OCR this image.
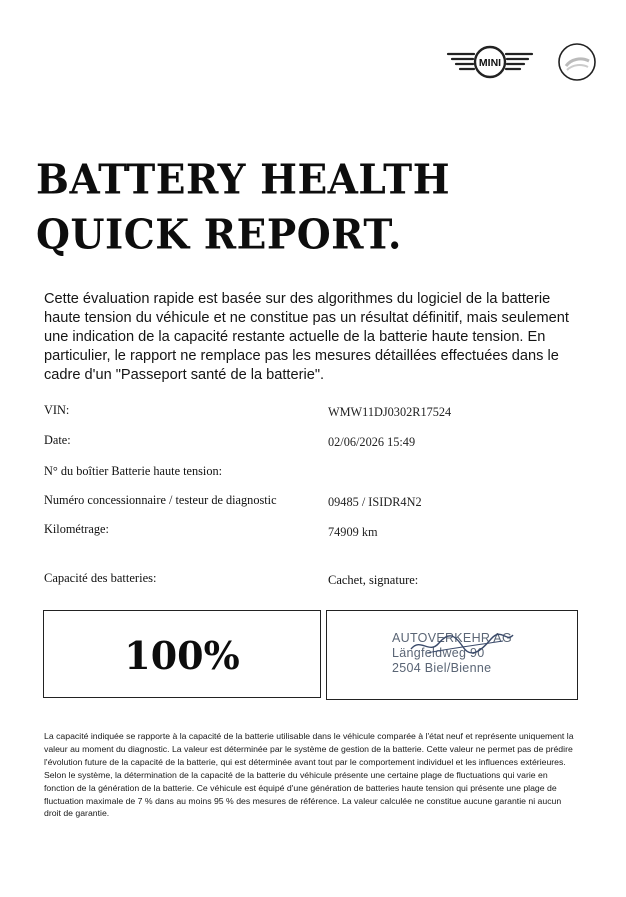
MINI
BATTERY HEALTH
QUICK REPORT.
Cette évaluation rapide est basée sur des algorithmes du logiciel de la batterie haute tension du véhicule et ne constitue pas un résultat définitif, mais seulement une indication de la capacité restante actuelle de la batterie haute tension. En particulier, le rapport ne remplace pas les mesures détaillées effectuées dans le cadre d'un "Passeport santé de la batterie".
VIN:	WMW11DJ0302R17524
Date:	02/06/2026 15:49
N° du boîtier Batterie haute tension:
Numéro concessionnaire / testeur de diagnostic	09485 / ISIDR4N2
Kilométrage:	74909 km
Capacité des batteries:	Cachet, signature:
100%	AUTOVERKEHR AG
Längfeldweg 90
2504 Biel/Bienne
La capacité indiquée se rapporte à la capacité de la batterie utilisable dans le véhicule comparée à l'état neuf et représente uniquement la valeur au moment du diagnostic. La valeur est déterminée par le système de gestion de la batterie. Cette valeur ne permet pas de prédire l'évolution future de la capacité de la batterie, qui est déterminée avant tout par le comportement individuel et les influences extérieures. Selon le système, la détermination de la capacité de la batterie du véhicule présente une certaine plage de fluctuations qui varie en fonction de la génération de la batterie. Ce véhicule est équipé d'une génération de batteries haute tension qui présente une plage de fluctuation maximale de 7 % dans au moins 95 % des mesures de référence. La valeur calculée ne constitue aucune garantie ni aucun droit de garantie.
